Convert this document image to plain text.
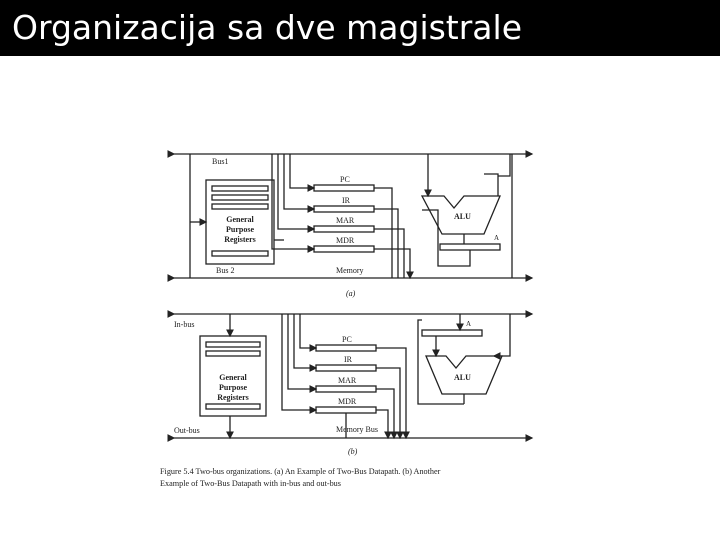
Organizacija sa dve magistrale
Bus1
Bus 2
General
Purpose
Registers
PC
IR
MAR
MDR
Memory
ALU
A
(a)
In-bus
Out-bus
General
Purpose
Registers
PC
IR
MAR
MDR
Memory Bus
ALU
A
(b)
Figure 5.4 Two-bus organizations. (a) An Example of Two-Bus Datapath. (b) Another
Example of Two-Bus Datapath with in-bus and out-bus
